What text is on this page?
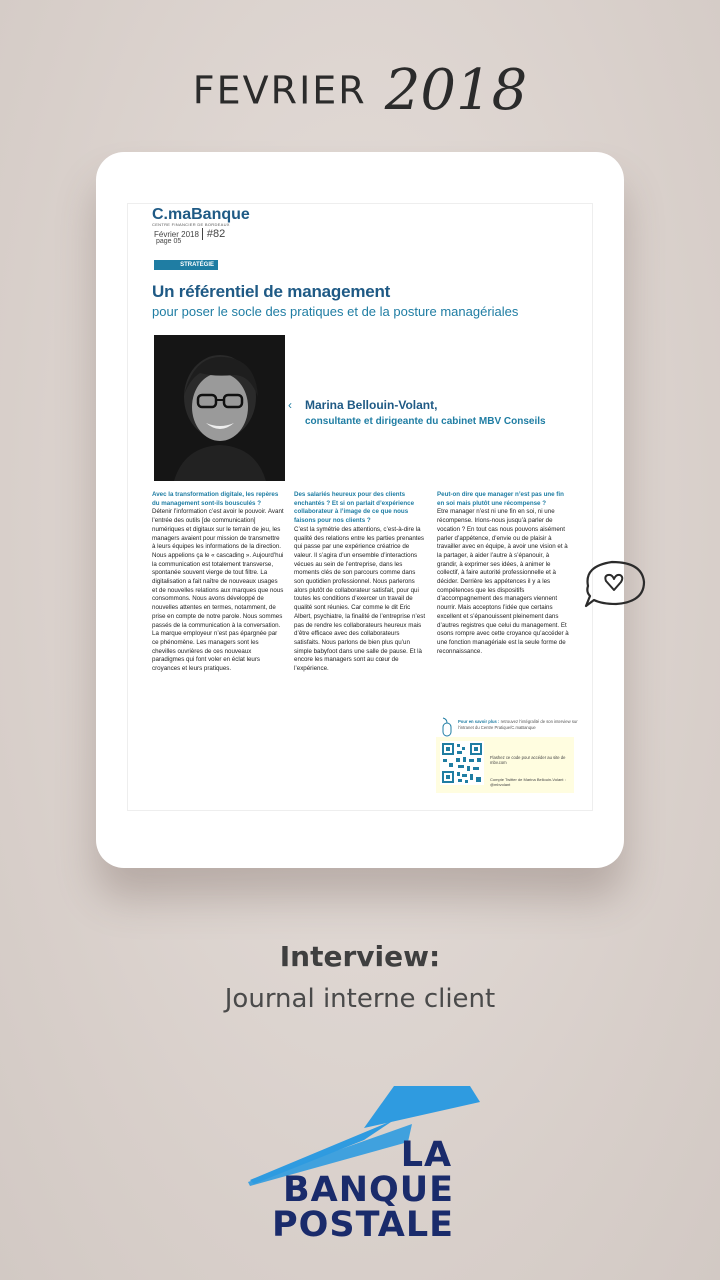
FEVRIER 2018
C.maBanque
CENTRE FINANCIER DE BORDEAUX
Février 2018 #82
page 05
STRATÉGIE
Un référentiel de management
pour poser le socle des pratiques et de la posture managériales
‹ Marina Bellouin-Volant,
consultante et dirigeante du cabinet MBV Conseils
Avec la transformation digitale, les repères du management sont-ils bousculés ?
Détenir l’information c’est avoir le pouvoir. Avant l’entrée des outils [de communication] numériques et digitaux sur le terrain de jeu, les managers avaient pour mission de transmettre à leurs équipes les informations de la direction. Nous appelions ça le « cascading ». Aujourd’hui la communication est totalement transverse, spontanée souvent vierge de tout filtre. La digitalisation a fait naître de nouveaux usages et de nouvelles relations aux marques que nous consommons. Nous avons développé de nouvelles attentes en termes, notamment, de prise en compte de notre parole. Nous sommes passés de la communication à la conversation. La marque employeur n’est pas épargnée par ce phénomène. Les managers sont les chevilles ouvrières de ces nouveaux paradigmes qui font voler en éclat leurs croyances et leurs pratiques.
Des salariés heureux pour des clients enchantés ? Et si on parlait d’expérience collaborateur à l’image de ce que nous faisons pour nos clients ?
C’est la symétrie des attentions, c’est-à-dire la qualité des relations entre les parties prenantes qui passe par une expérience créatrice de valeur. Il s’agira d’un ensemble d’interactions vécues au sein de l’entreprise, dans les moments clés de son parcours comme dans son quotidien professionnel. Nous parlerons alors plutôt de collaborateur satisfait, pour qui toutes les conditions d’exercer un travail de qualité sont réunies. Car comme le dit Eric Albert, psychiatre, la finalité de l’entreprise n’est pas de rendre les collaborateurs heureux mais d’être efficace avec des collaborateurs satisfaits. Nous parlons de bien plus qu’un simple babyfoot dans une salle de pause. Et là encore les managers sont au cœur de l’expérience.
Peut-on dire que manager n’est pas une fin en soi mais plutôt une récompense ?
Etre manager n’est ni une fin en soi, ni une récompense. Irions-nous jusqu’à parler de vocation ? En tout cas nous pouvons aisément parler d’appétence, d’envie ou de plaisir à travailler avec en équipe, à avoir une vision et à la partager, à aider l’autre à s’épanouir, à grandir, à exprimer ses idées, à animer le collectif, à faire autorité professionnelle et à décider. Derrière les appétences il y a les compétences que les dispositifs d’accompagnement des managers viennent nourrir. Mais acceptons l’idée que certains excellent et s’épanouissent pleinement dans d’autres registres que celui du management. Et osons rompre avec cette croyance qu’accéder à une fonction managériale est la seule forme de reconnaissance.
Pour en savoir plus : retrouvez l’intégralité de son interview sur l’intranet du Centre Pratique/C.maBanque
Flashez ce code pour accéder au site de mbv.com
Compte Twitter de Marina Bellouin-Volant : @mbvolant
Interview:
Journal interne client
LA
BANQUE
POSTALE
